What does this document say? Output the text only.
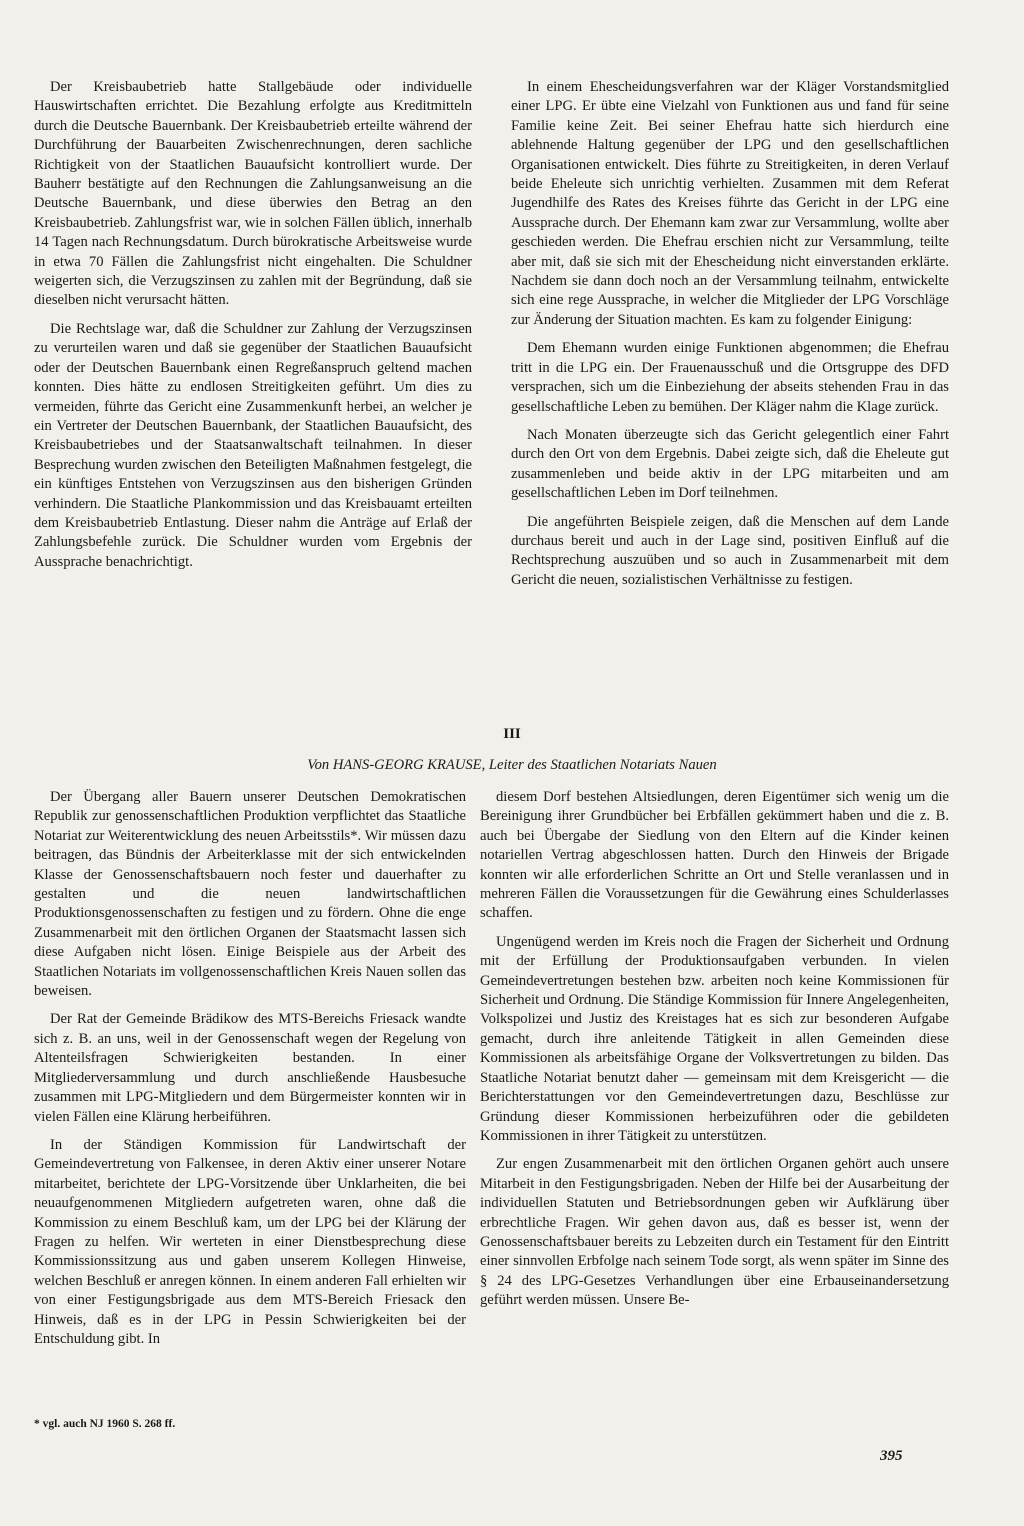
Der Kreisbaubetrieb hatte Stallgebäude oder individuelle Hauswirtschaften errichtet. Die Bezahlung erfolgte aus Kreditmitteln durch die Deutsche Bauernbank. Der Kreisbaubetrieb erteilte während der Durchführung der Bauarbeiten Zwischenrechnungen, deren sachliche Richtigkeit von der Staatlichen Bauaufsicht kontrolliert wurde. Der Bauherr bestätigte auf den Rechnungen die Zahlungsanweisung an die Deutsche Bauernbank, und diese überwies den Betrag an den Kreisbaubetrieb. Zahlungsfrist war, wie in solchen Fällen üblich, innerhalb 14 Tagen nach Rechnungsdatum. Durch bürokratische Arbeitsweise wurde in etwa 70 Fällen die Zahlungsfrist nicht eingehalten. Die Schuldner weigerten sich, die Verzugszinsen zu zahlen mit der Begründung, daß sie dieselben nicht verursacht hätten.

Die Rechtslage war, daß die Schuldner zur Zahlung der Verzugszinsen zu verurteilen waren und daß sie gegenüber der Staatlichen Bauaufsicht oder der Deutschen Bauernbank einen Regreßanspruch geltend machen konnten. Dies hätte zu endlosen Streitigkeiten geführt. Um dies zu vermeiden, führte das Gericht eine Zusammenkunft herbei, an welcher je ein Vertreter der Deutschen Bauernbank, der Staatlichen Bauaufsicht, des Kreisbaubetriebes und der Staatsanwaltschaft teilnahmen. In dieser Besprechung wurden zwischen den Beteiligten Maßnahmen festgelegt, die ein künftiges Entstehen von Verzugszinsen aus den bisherigen Gründen verhindern. Die Staatliche Plankommission und das Kreisbauamt erteilten dem Kreisbaubetrieb Entlastung. Dieser nahm die Anträge auf Erlaß der Zahlungsbefehle zurück. Die Schuldner wurden vom Ergebnis der Aussprache benachrichtigt.

In einem Ehescheidungsverfahren war der Kläger Vorstandsmitglied einer LPG. Er übte eine Vielzahl von Funktionen aus und fand für seine Familie keine Zeit. Bei seiner Ehefrau hatte sich hierdurch eine ablehnende Haltung gegenüber der LPG und den gesellschaftlichen Organisationen entwickelt. Dies führte zu Streitigkeiten, in deren Verlauf beide Eheleute sich unrichtig verhielten. Zusammen mit dem Referat Jugendhilfe des Rates des Kreises führte das Gericht in der LPG eine Aussprache durch. Der Ehemann kam zwar zur Versammlung, wollte aber geschieden werden. Die Ehefrau erschien nicht zur Versammlung, teilte aber mit, daß sie sich mit der Ehescheidung nicht einverstanden erklärte. Nachdem sie dann doch noch an der Versammlung teilnahm, entwickelte sich eine rege Aussprache, in welcher die Mitglieder der LPG Vorschläge zur Änderung der Situation machten. Es kam zu folgender Einigung:

Dem Ehemann wurden einige Funktionen abgenommen; die Ehefrau tritt in die LPG ein. Der Frauenausschuß und die Ortsgruppe des DFD versprachen, sich um die Einbeziehung der abseits stehenden Frau in das gesellschaftliche Leben zu bemühen. Der Kläger nahm die Klage zurück.

Nach Monaten überzeugte sich das Gericht gelegentlich einer Fahrt durch den Ort von dem Ergebnis. Dabei zeigte sich, daß die Eheleute gut zusammenleben und beide aktiv in der LPG mitarbeiten und am gesellschaftlichen Leben im Dorf teilnehmen.

Die angeführten Beispiele zeigen, daß die Menschen auf dem Lande durchaus bereit und auch in der Lage sind, positiven Einfluß auf die Rechtsprechung auszuüben und so auch in Zusammenarbeit mit dem Gericht die neuen, sozialistischen Verhältnisse zu festigen.

III
Von HANS-GEORG KRAUSE, Leiter des Staatlichen Notariats Nauen

Der Übergang aller Bauern unserer Deutschen Demokratischen Republik zur genossenschaftlichen Produktion verpflichtet das Staatliche Notariat zur Weiterentwicklung des neuen Arbeitsstils*. Wir müssen dazu beitragen, das Bündnis der Arbeiterklasse mit der sich entwickelnden Klasse der Genossenschaftsbauern noch fester und dauerhafter zu gestalten und die neuen landwirtschaftlichen Produktionsgenossenschaften zu festigen und zu fördern. Ohne die enge Zusammenarbeit mit den örtlichen Organen der Staatsmacht lassen sich diese Aufgaben nicht lösen. Einige Beispiele aus der Arbeit des Staatlichen Notariats im vollgenossenschaftlichen Kreis Nauen sollen das beweisen.

Der Rat der Gemeinde Brädikow des MTS-Bereichs Friesack wandte sich z. B. an uns, weil in der Genossenschaft wegen der Regelung von Altenteilsfragen Schwierigkeiten bestanden. In einer Mitgliederversammlung und durch anschließende Hausbesuche zusammen mit LPG-Mitgliedern und dem Bürgermeister konnten wir in vielen Fällen eine Klärung herbeiführen.

In der Ständigen Kommission für Landwirtschaft der Gemeindevertretung von Falkensee, in deren Aktiv einer unserer Notare mitarbeitet, berichtete der LPG-Vorsitzende über Unklarheiten, die bei neuaufgenommenen Mitgliedern aufgetreten waren, ohne daß die Kommission zu einem Beschluß kam, um der LPG bei der Klärung der Fragen zu helfen. Wir werteten in einer Dienstbesprechung diese Kommissionssitzung aus und gaben unserem Kollegen Hinweise, welchen Beschluß er anregen können. In einem anderen Fall erhielten wir von einer Festigungsbrigade aus dem MTS-Bereich Friesack den Hinweis, daß es in der LPG in Pessin Schwierigkeiten bei der Entschuldung gibt. In

diesem Dorf bestehen Altsiedlungen, deren Eigentümer sich wenig um die Bereinigung ihrer Grundbücher bei Erbfällen gekümmert haben und die z. B. auch bei Übergabe der Siedlung von den Eltern auf die Kinder keinen notariellen Vertrag abgeschlossen hatten. Durch den Hinweis der Brigade konnten wir alle erforderlichen Schritte an Ort und Stelle veranlassen und in mehreren Fällen die Voraussetzungen für die Gewährung eines Schulderlasses schaffen.

Ungenügend werden im Kreis noch die Fragen der Sicherheit und Ordnung mit der Erfüllung der Produktionsaufgaben verbunden. In vielen Gemeindevertretungen bestehen bzw. arbeiten noch keine Kommissionen für Sicherheit und Ordnung. Die Ständige Kommission für Innere Angelegenheiten, Volkspolizei und Justiz des Kreistages hat es sich zur besonderen Aufgabe gemacht, durch ihre anleitende Tätigkeit in allen Gemeinden diese Kommissionen als arbeitsfähige Organe der Volksvertretungen zu bilden. Das Staatliche Notariat benutzt daher — gemeinsam mit dem Kreisgericht — die Berichterstattungen vor den Gemeindevertretungen dazu, Beschlüsse zur Gründung dieser Kommissionen herbeizuführen oder die gebildeten Kommissionen in ihrer Tätigkeit zu unterstützen.

Zur engen Zusammenarbeit mit den örtlichen Organen gehört auch unsere Mitarbeit in den Festigungsbrigaden. Neben der Hilfe bei der Ausarbeitung der individuellen Statuten und Betriebsordnungen geben wir Aufklärung über erbrechtliche Fragen. Wir gehen davon aus, daß es besser ist, wenn der Genossenschaftsbauer bereits zu Lebzeiten durch ein Testament für den Eintritt einer sinnvollen Erbfolge nach seinem Tode sorgt, als wenn später im Sinne des § 24 des LPG-Gesetzes Verhandlungen über eine Erbauseinandersetzung geführt werden müssen. Unsere Be-

* vgl. auch NJ 1960 S. 268 ff.
395
